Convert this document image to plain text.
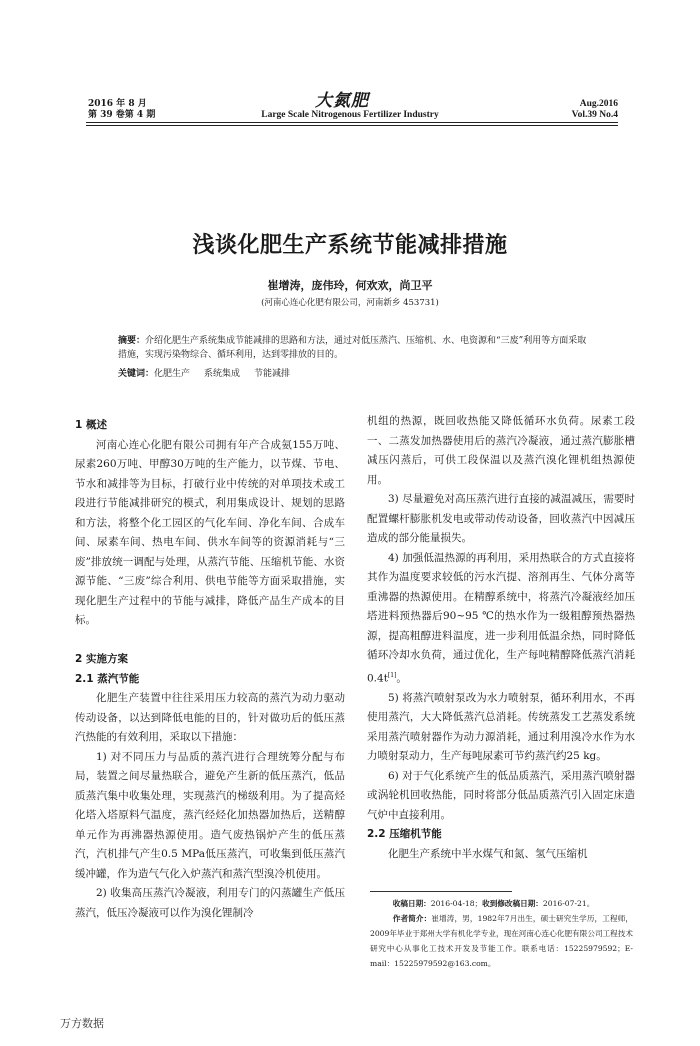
2016 年 8 月
第 39 卷第 4 期
大氮肥
Large Scale Nitrogenous Fertilizer Industry
Aug.2016
Vol.39 No.4
浅谈化肥生产系统节能减排措施
崔增涛，庞伟玲，何欢欢，尚卫平
(河南心连心化肥有限公司，河南新乡 453731)
摘要：介绍化肥生产系统集成节能减排的思路和方法，通过对低压蒸汽、压缩机、水、电资源和“三废”利用等方面采取措施，实现污染物综合、循环利用，达到零排放的目的。
关键词：化肥生产 系统集成 节能减排
1 概述

河南心连心化肥有限公司拥有年产合成氨155万吨、尿素260万吨、甲醇30万吨的生产能力，以节煤、节电、节水和减排等为目标，打破行业中传统的对单项技术或工段进行节能减排研究的模式，利用集成设计、规划的思路和方法，将整个化工园区的气化车间、净化车间、合成车间、尿素车间、热电车间、供水车间等的资源消耗与“三废”排放统一调配与处理，从蒸汽节能、压缩机节能、水资源节能、“三废”综合利用、供电节能等方面采取措施，实现化肥生产过程中的节能与减排，降低产品生产成本的目标。

2 实施方案
2.1 蒸汽节能

化肥生产装置中往往采用压力较高的蒸汽为动力驱动传动设备，以达到降低电能的目的，针对做功后的低压蒸汽热能的有效利用，采取以下措施：

1) 对不同压力与品质的蒸汽进行合理统筹分配与布局，装置之间尽量热联合，避免产生新的低压蒸汽，低品质蒸汽集中收集处理，实现蒸汽的梯级利用。为了提高烃化塔入塔原料气温度，蒸汽经烃化加热器加热后，送精醇单元作为再沸器热源使用。造气废热锅炉产生的低压蒸汽，汽机排气产生0.5 MPa低压蒸汽，可收集到低压蒸汽缓冲罐，作为造气气化入炉蒸汽和蒸汽型溴冷机使用。

2) 收集高压蒸汽冷凝液，利用专门的闪蒸罐生产低压蒸汽，低压冷凝液可以作为溴化锂制冷

机组的热源，既回收热能又降低循环水负荷。尿素工段一、二蒸发加热器使用后的蒸汽冷凝液，通过蒸汽膨胀槽减压闪蒸后，可供工段保温以及蒸汽溴化锂机组热源使用。

3) 尽量避免对高压蒸汽进行直接的减温减压，需要时配置螺杆膨胀机发电或带动传动设备，回收蒸汽中因减压造成的部分能量损失。

4) 加强低温热源的再利用，采用热联合的方式直接将其作为温度要求较低的污水汽提、溶剂再生、气体分离等重沸器的热源使用。在精醇系统中，将蒸汽冷凝液经加压塔进料预热器后90~95 ℃的热水作为一级粗醇预热器热源，提高粗醇进料温度，进一步利用低温余热，同时降低循环冷却水负荷，通过优化，生产每吨精醇降低蒸汽消耗0.4t[1]。

5) 将蒸汽喷射泵改为水力喷射泵，循环利用水，不再使用蒸汽，大大降低蒸汽总消耗。传统蒸发工艺蒸发系统采用蒸汽喷射器作为动力源消耗，通过利用溴冷水作为水力喷射泵动力，生产每吨尿素可节约蒸汽约25 kg。

6) 对于气化系统产生的低品质蒸汽，采用蒸汽喷射器或涡轮机回收热能，同时将部分低品质蒸汽引入固定床造气炉中直接利用。

2.2 压缩机节能

化肥生产系统中半水煤气和氮、氢气压缩机

收稿日期：2016-04-18；收到修改稿日期：2016-07-21。

作者简介：崔增涛，男，1982年7月出生，硕士研究生学历，工程师，2009年毕业于郑州大学有机化学专业，现在河南心连心化肥有限公司工程技术研究中心从事化工技术开发及节能工作。联系电话：15225979592；E-mail：15225979592@163.com。

万方数据
